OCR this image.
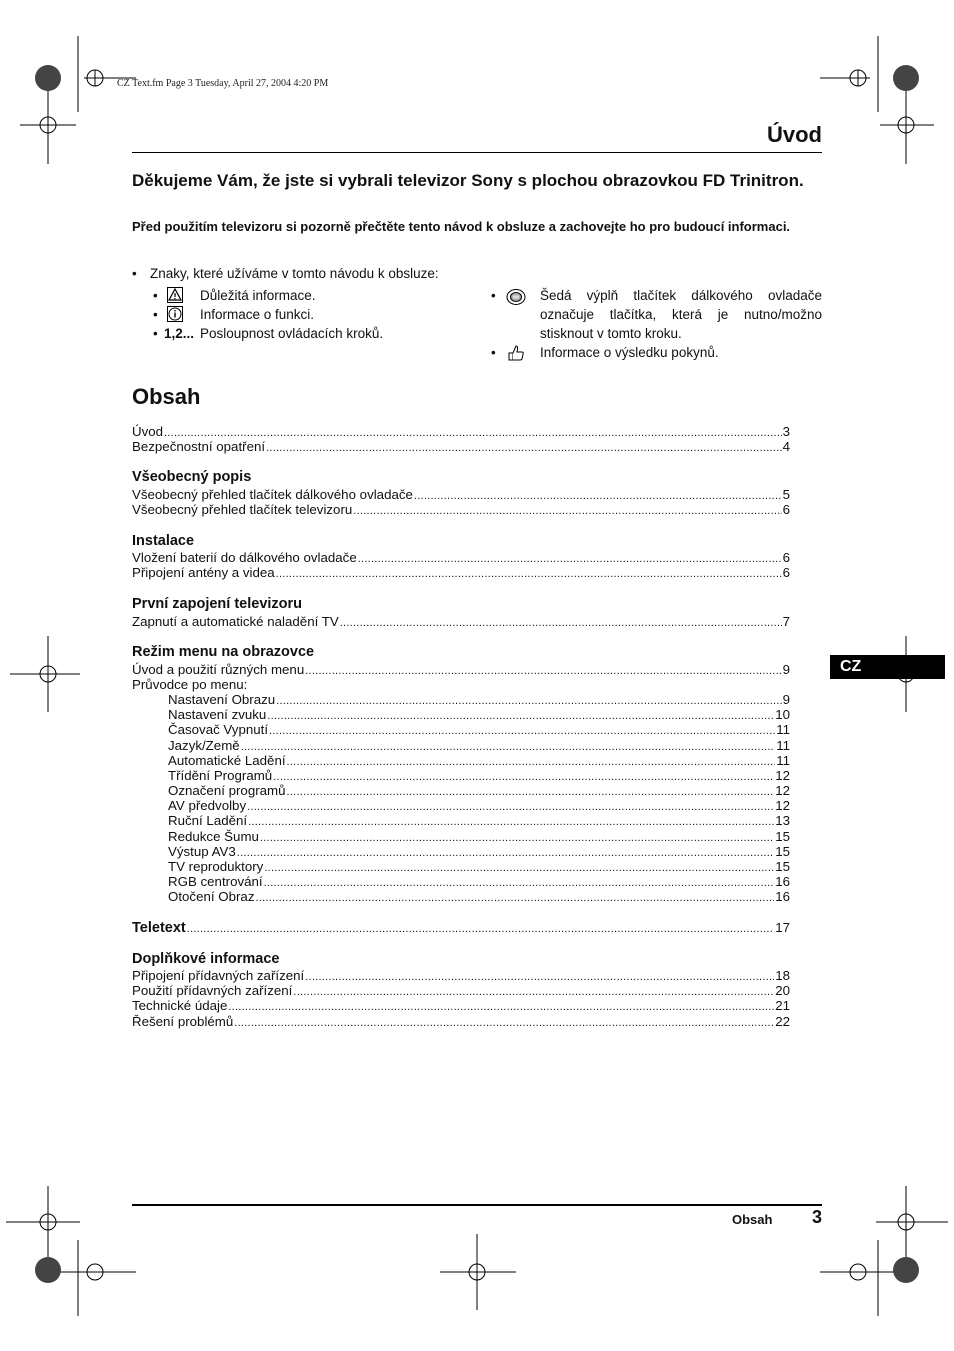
CZ Text.fm Page 3 Tuesday, April 27, 2004 4:20 PM
Úvod
Děkujeme Vám, že jste si vybrali televizor Sony s plochou obrazovkou FD Trinitron.
Před použitím televizoru si pozorně přečtěte tento návod k obsluze a zachovejte ho pro budoucí informaci.
• Znaky, které užíváme v tomto návodu k obsluze:
•	Důležitá informace.
•	Informace o funkci.
• 1,2... Posloupnost ovládacích kroků.
•	Šedá výplň tlačítek dálkového ovladače označuje tlačítka, která je nutno/možno stisknout v tomto kroku.
•	Informace o výsledku pokynů.
Obsah
Úvod . . .	3
Bezpečnostní opatření . . .	4
Všeobecný popis
Všeobecný přehled tlačítek dálkového ovladače . . .	5
Všeobecný přehled tlačítek televizoru . . .	6
Instalace
Vložení baterií do dálkového ovladače . . .	6
Připojení antény a videa . . .	6
První zapojení televizoru
Zapnutí a automatické naladění TV . . .	7
Režim menu na obrazovce
Úvod a použití různých menu . . .	9
Průvodce po menu:
Nastavení Obrazu . . .	9
Nastavení zvuku . . .	10
Časovač Vypnutí . . .	11
Jazyk/Země . . .	11
Automatické Ladění . . .	11
Třídění Programů . . .	12
Označení programů . . .	12
AV předvolby . . .	12
Ruční Ladění . . .	13
Redukce Šumu . . .	15
Výstup AV3 . . .	15
TV reproduktory . . .	15
RGB centrování . . .	16
Otočení Obraz . . .	16
Teletext . . .	17
Doplňkové informace
Připojení přídavných zařízení . . .	18
Použití přídavných zařízení . . .	20
Technické údaje . . .	21
Řešení problémů . . .	22
CZ
Obsah 3
